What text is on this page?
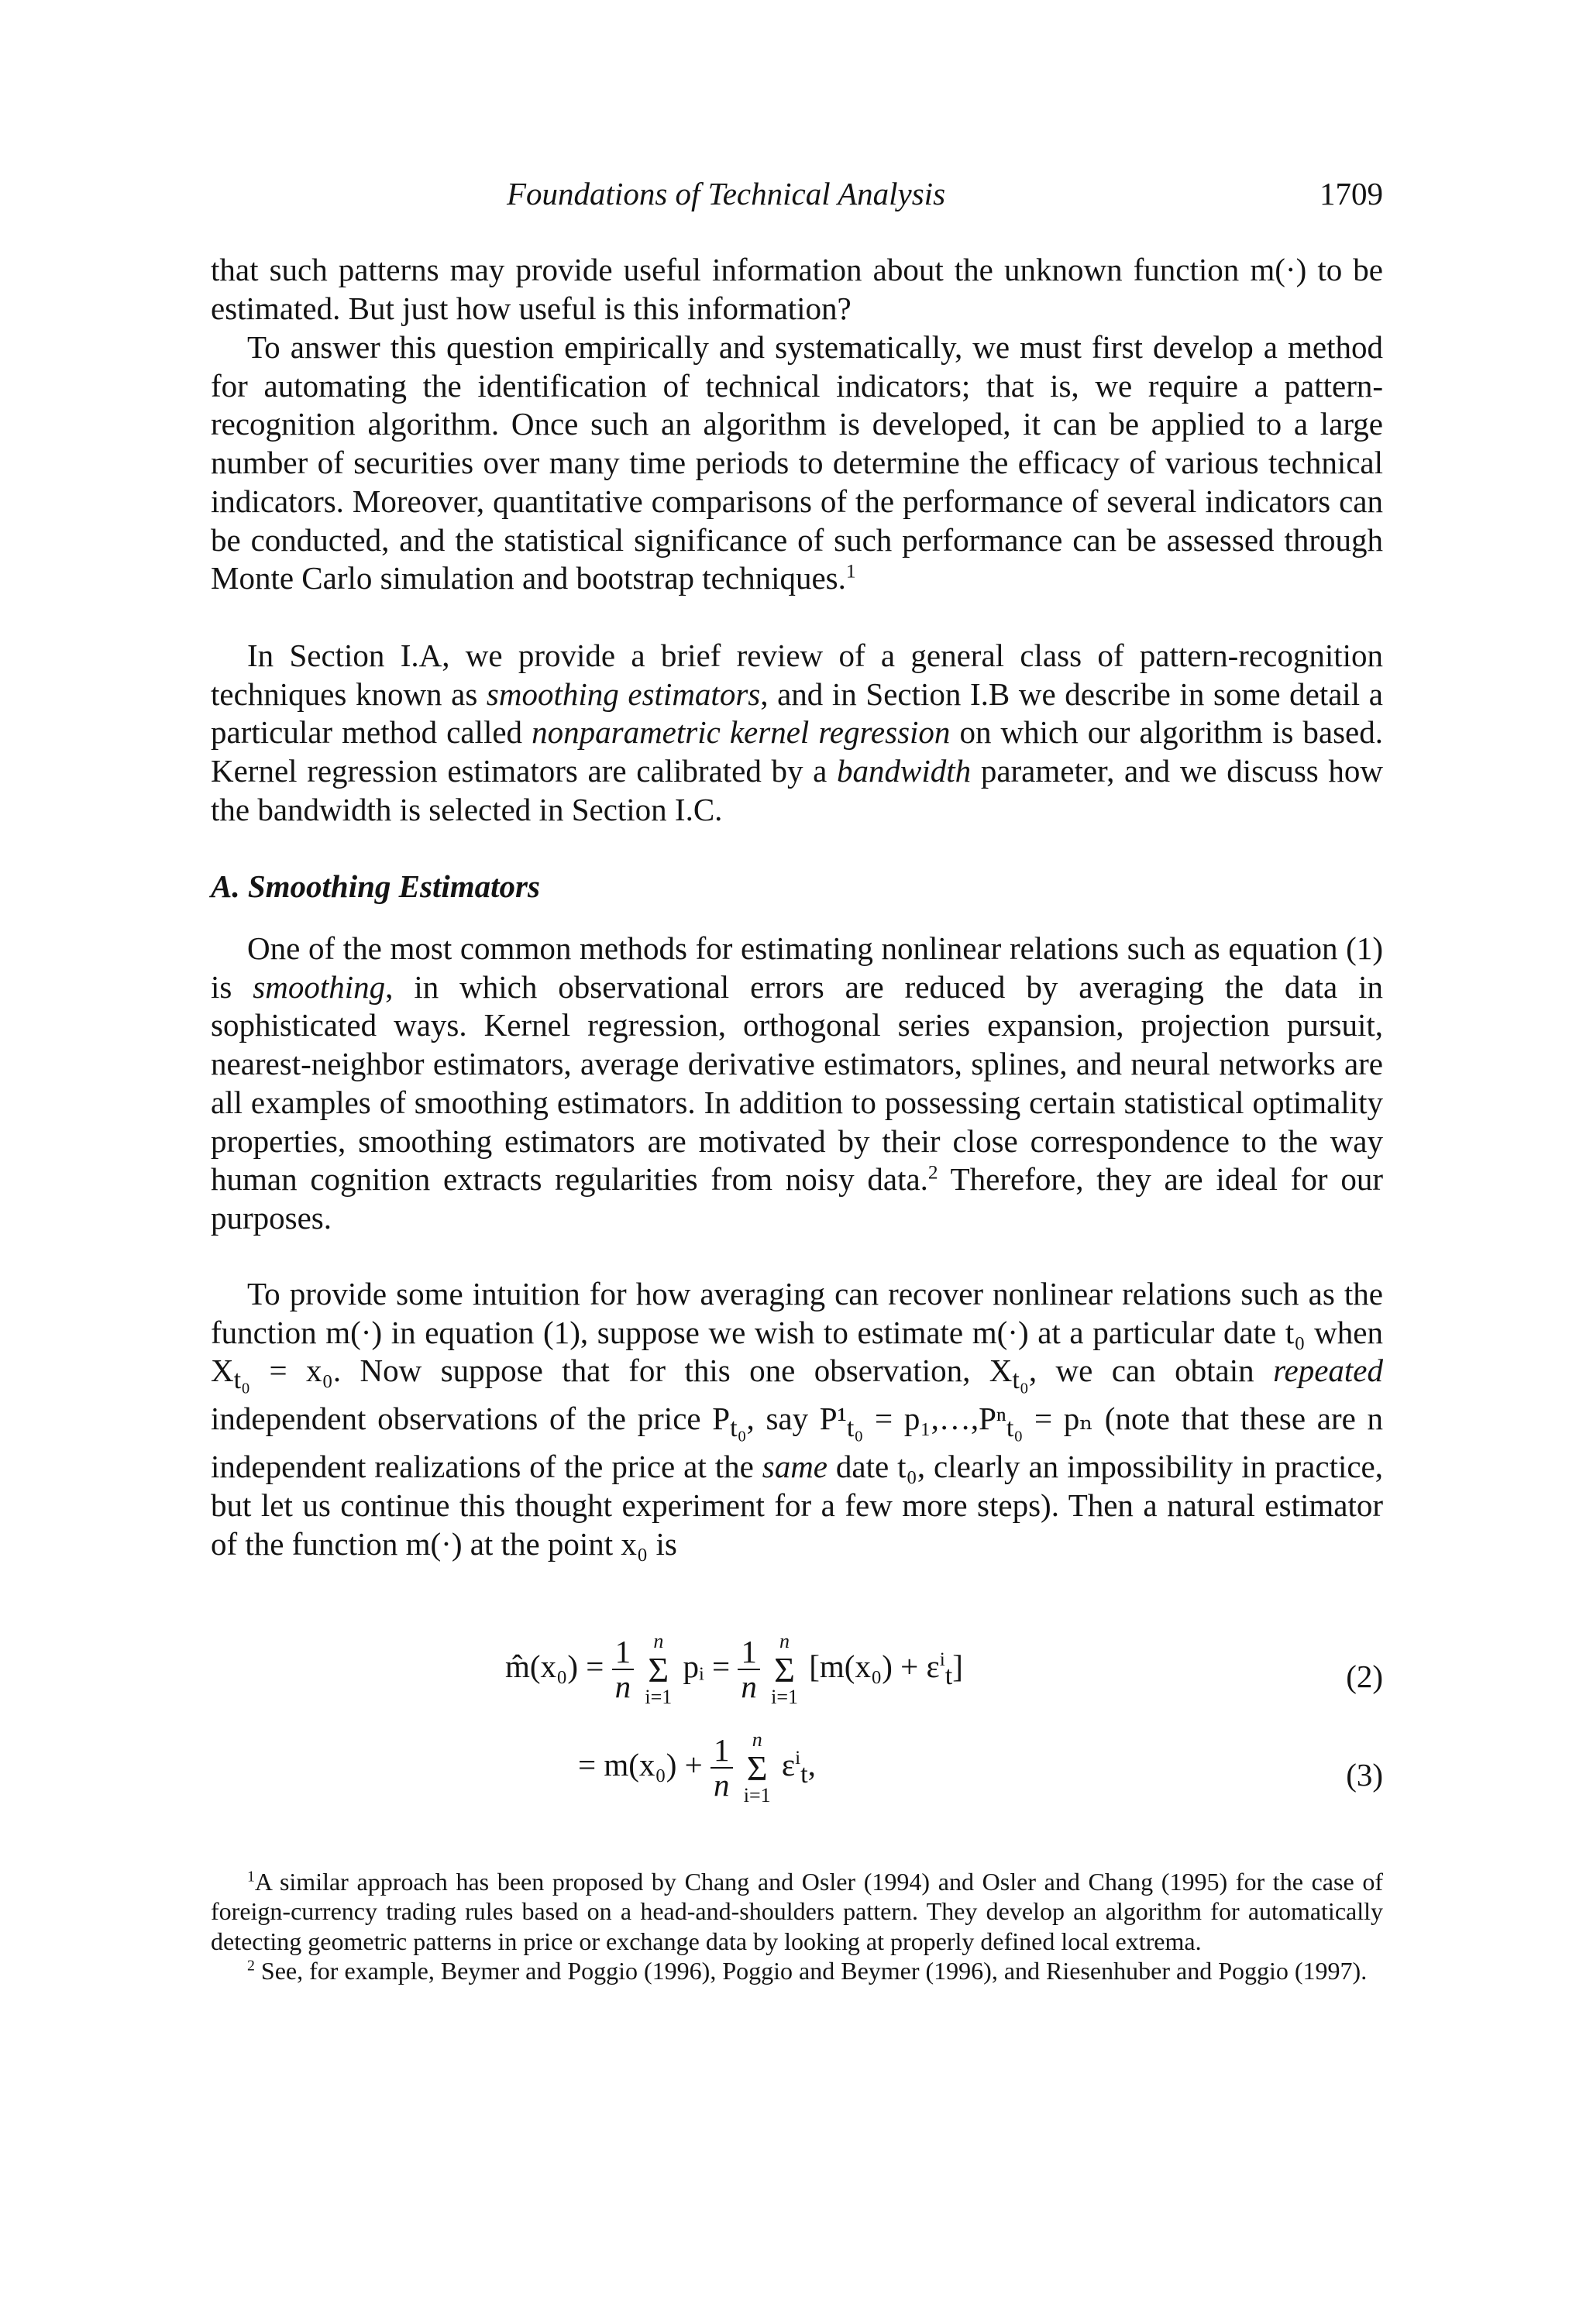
Foundations of Technical Analysis	1709

that such patterns may provide useful information about the unknown function m(·) to be estimated. But just how useful is this information?

To answer this question empirically and systematically, we must first develop a method for automating the identification of technical indicators; that is, we require a pattern-recognition algorithm. Once such an algorithm is developed, it can be applied to a large number of securities over many time periods to determine the efficacy of various technical indicators. Moreover, quantitative comparisons of the performance of several indicators can be conducted, and the statistical significance of such performance can be assessed through Monte Carlo simulation and bootstrap techniques.$^1$

In Section I.A, we provide a brief review of a general class of pattern-recognition techniques known as smoothing estimators, and in Section I.B we describe in some detail a particular method called nonparametric kernel regression on which our algorithm is based. Kernel regression estimators are calibrated by a bandwidth parameter, and we discuss how the bandwidth is selected in Section I.C.

A. Smoothing Estimators

One of the most common methods for estimating nonlinear relations such as equation (1) is smoothing, in which observational errors are reduced by averaging the data in sophisticated ways. Kernel regression, orthogonal series expansion, projection pursuit, nearest-neighbor estimators, average derivative estimators, splines, and neural networks are all examples of smoothing estimators. In addition to possessing certain statistical optimality properties, smoothing estimators are motivated by their close correspondence to the way human cognition extracts regularities from noisy data.$^2$ Therefore, they are ideal for our purposes.

To provide some intuition for how averaging can recover nonlinear relations such as the function m(·) in equation (1), suppose we wish to estimate m(·) at a particular date t₀ when $X_{t_0} = x_0$. Now suppose that for this one observation, $X_{t_0}$, we can obtain repeated independent observations of the price $P_{t_0}$, say $P^1_{t_0}$ = p₁,…,Pⁿ$_{t_0}$ = pₙ (note that these are n independent realizations of the price at the same date t₀, clearly an impossibility in practice, but let us continue this thought experiment for a few more steps). Then a natural estimator of the function m(·) at the point x₀ is

m̂(x₀) = $\frac{1}{n}$
n
Σ
i=1
pᵢ = $\frac{1}{n}$
n
Σ
i=1
$[m(x_0) + \varepsilon^i_t]$	(2)
= $m(x_0) + \frac{1}{n}$
n
Σ
i=1
$\varepsilon^i_t$,	(3)

$^1$A similar approach has been proposed by Chang and Osler (1994) and Osler and Chang (1995) for the case of foreign-currency trading rules based on a head-and-shoulders pattern. They develop an algorithm for automatically detecting geometric patterns in price or exchange data by looking at properly defined local extrema.

$^2$ See, for example, Beymer and Poggio (1996), Poggio and Beymer (1996), and Riesenhuber and Poggio (1997).
